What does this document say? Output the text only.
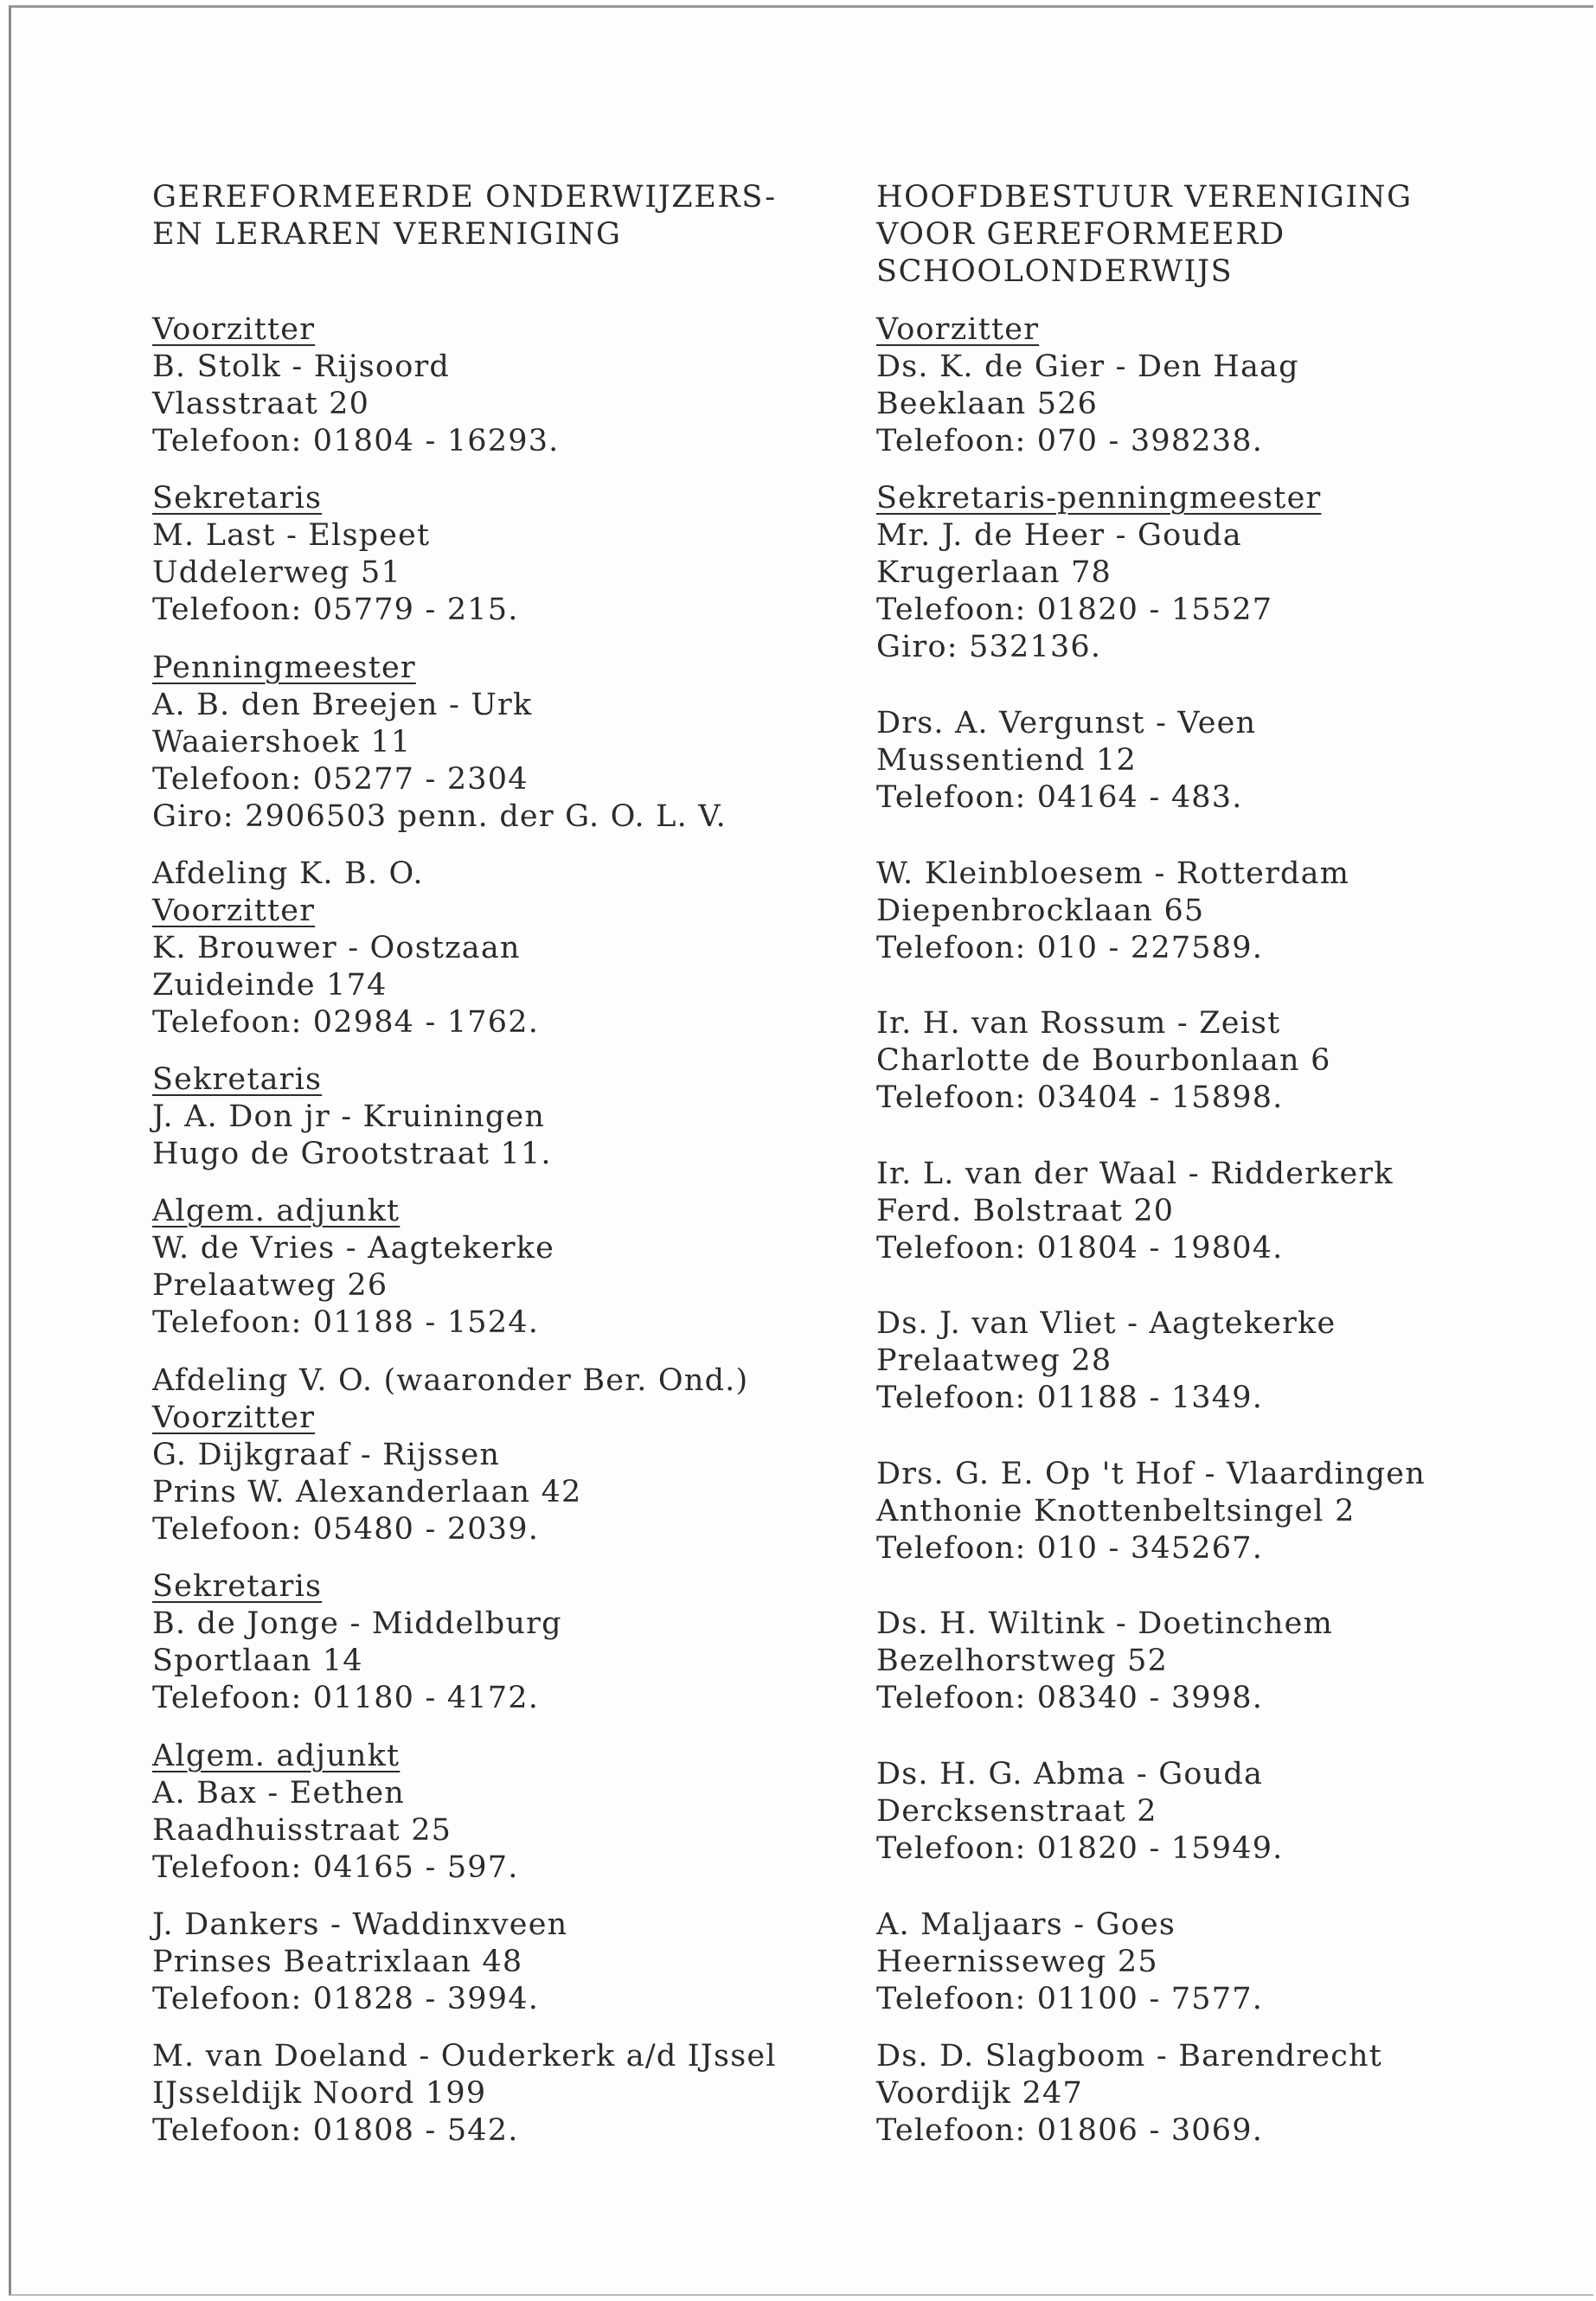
GEREFORMEERDE ONDERWIJZERS-
EN LERAREN VERENIGING
Voorzitter
B. Stolk - Rijsoord
Vlasstraat 20
Telefoon: 01804 - 16293.
Sekretaris
M. Last - Elspeet
Uddelerweg 51
Telefoon: 05779 - 215.
Penningmeester
A. B. den Breejen - Urk
Waaiershoek 11
Telefoon: 05277 - 2304
Giro: 2906503 penn. der G. O. L. V.
Afdeling K. B. O.
Voorzitter
K. Brouwer - Oostzaan
Zuideinde 174
Telefoon: 02984 - 1762.
Sekretaris
J. A. Don jr - Kruiningen
Hugo de Grootstraat 11.
Algem. adjunkt
W. de Vries - Aagtekerke
Prelaatweg 26
Telefoon: 01188 - 1524.
Afdeling V. O. (waaronder Ber. Ond.)
Voorzitter
G. Dijkgraaf - Rijssen
Prins W. Alexanderlaan 42
Telefoon: 05480 - 2039.
Sekretaris
B. de Jonge - Middelburg
Sportlaan 14
Telefoon: 01180 - 4172.
Algem. adjunkt
A. Bax - Eethen
Raadhuisstraat 25
Telefoon: 04165 - 597.
J. Dankers - Waddinxveen
Prinses Beatrixlaan 48
Telefoon: 01828 - 3994.
M. van Doeland - Ouderkerk a/d IJssel
IJsseldijk Noord 199
Telefoon: 01808 - 542.
HOOFDBESTUUR VERENIGING
VOOR GEREFORMEERD
SCHOOLONDERWIJS
Voorzitter
Ds. K. de Gier - Den Haag
Beeklaan 526
Telefoon: 070 - 398238.
Sekretaris-penningmeester
Mr. J. de Heer - Gouda
Krugerlaan 78
Telefoon: 01820 - 15527
Giro: 532136.
Drs. A. Vergunst - Veen
Mussentiend 12
Telefoon: 04164 - 483.
W. Kleinbloesem - Rotterdam
Diepenbrocklaan 65
Telefoon: 010 - 227589.
Ir. H. van Rossum - Zeist
Charlotte de Bourbonlaan 6
Telefoon: 03404 - 15898.
Ir. L. van der Waal - Ridderkerk
Ferd. Bolstraat 20
Telefoon: 01804 - 19804.
Ds. J. van Vliet - Aagtekerke
Prelaatweg 28
Telefoon: 01188 - 1349.
Drs. G. E. Op 't Hof - Vlaardingen
Anthonie Knottenbeltsingel 2
Telefoon: 010 - 345267.
Ds. H. Wiltink - Doetinchem
Bezelhorstweg 52
Telefoon: 08340 - 3998.
Ds. H. G. Abma - Gouda
Dercksenstraat 2
Telefoon: 01820 - 15949.
A. Maljaars - Goes
Heernisseweg 25
Telefoon: 01100 - 7577.
Ds. D. Slagboom - Barendrecht
Voordijk 247
Telefoon: 01806 - 3069.
